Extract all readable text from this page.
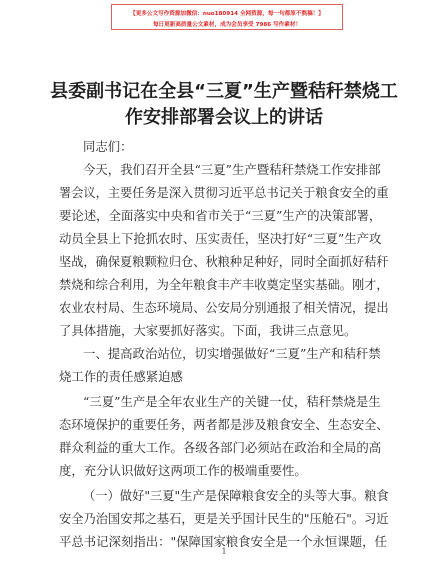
【更多公文写作资源加微信：nuo180914 全网资源，每一句都原不熬稿！】
每日更新高质量公文素材，成为会员享受 7986 写作素材！
县委副书记在全县“三夏”生产暨秸秆禁烧工
作安排部署会议上的讲话
同志们：
今天，我们召开全县“三夏”生产暨秸秆禁烧工作安排部
署会议，主要任务是深入贯彻习近平总书记关于粮食安全的重
要论述，全面落实中央和省市关于“三夏”生产的决策部署，
动员全县上下抢抓农时、压实责任，坚决打好“三夏”生产攻
坚战，确保夏粮颗粒归仓、秋粮种足种好，同时全面抓好秸秆
禁烧和综合利用，为全年粮食丰产丰收奠定坚实基础。刚才，
农业农村局、生态环境局、公安局分别通报了相关情况，提出
了具体措施，大家要抓好落实。下面，我讲三点意见。
一、提高政治站位，切实增强做好“三夏”生产和秸秆禁
烧工作的责任感紧迫感
“三夏”生产是全年农业生产的关键一仗，秸秆禁烧是生
态环境保护的重要任务，两者都是涉及粮食安全、生态安全、
群众利益的重大工作。各级各部门必须站在政治和全局的高
度，充分认识做好这两项工作的极端重要性。
（一）做好"三夏"生产是保障粮食安全的头等大事。粮食
安全乃治国安邦之基石，更是关乎国计民生的"压舱石"。习近
平总书记深刻指出："保障国家粮食安全是一个永恒课题，任
1
